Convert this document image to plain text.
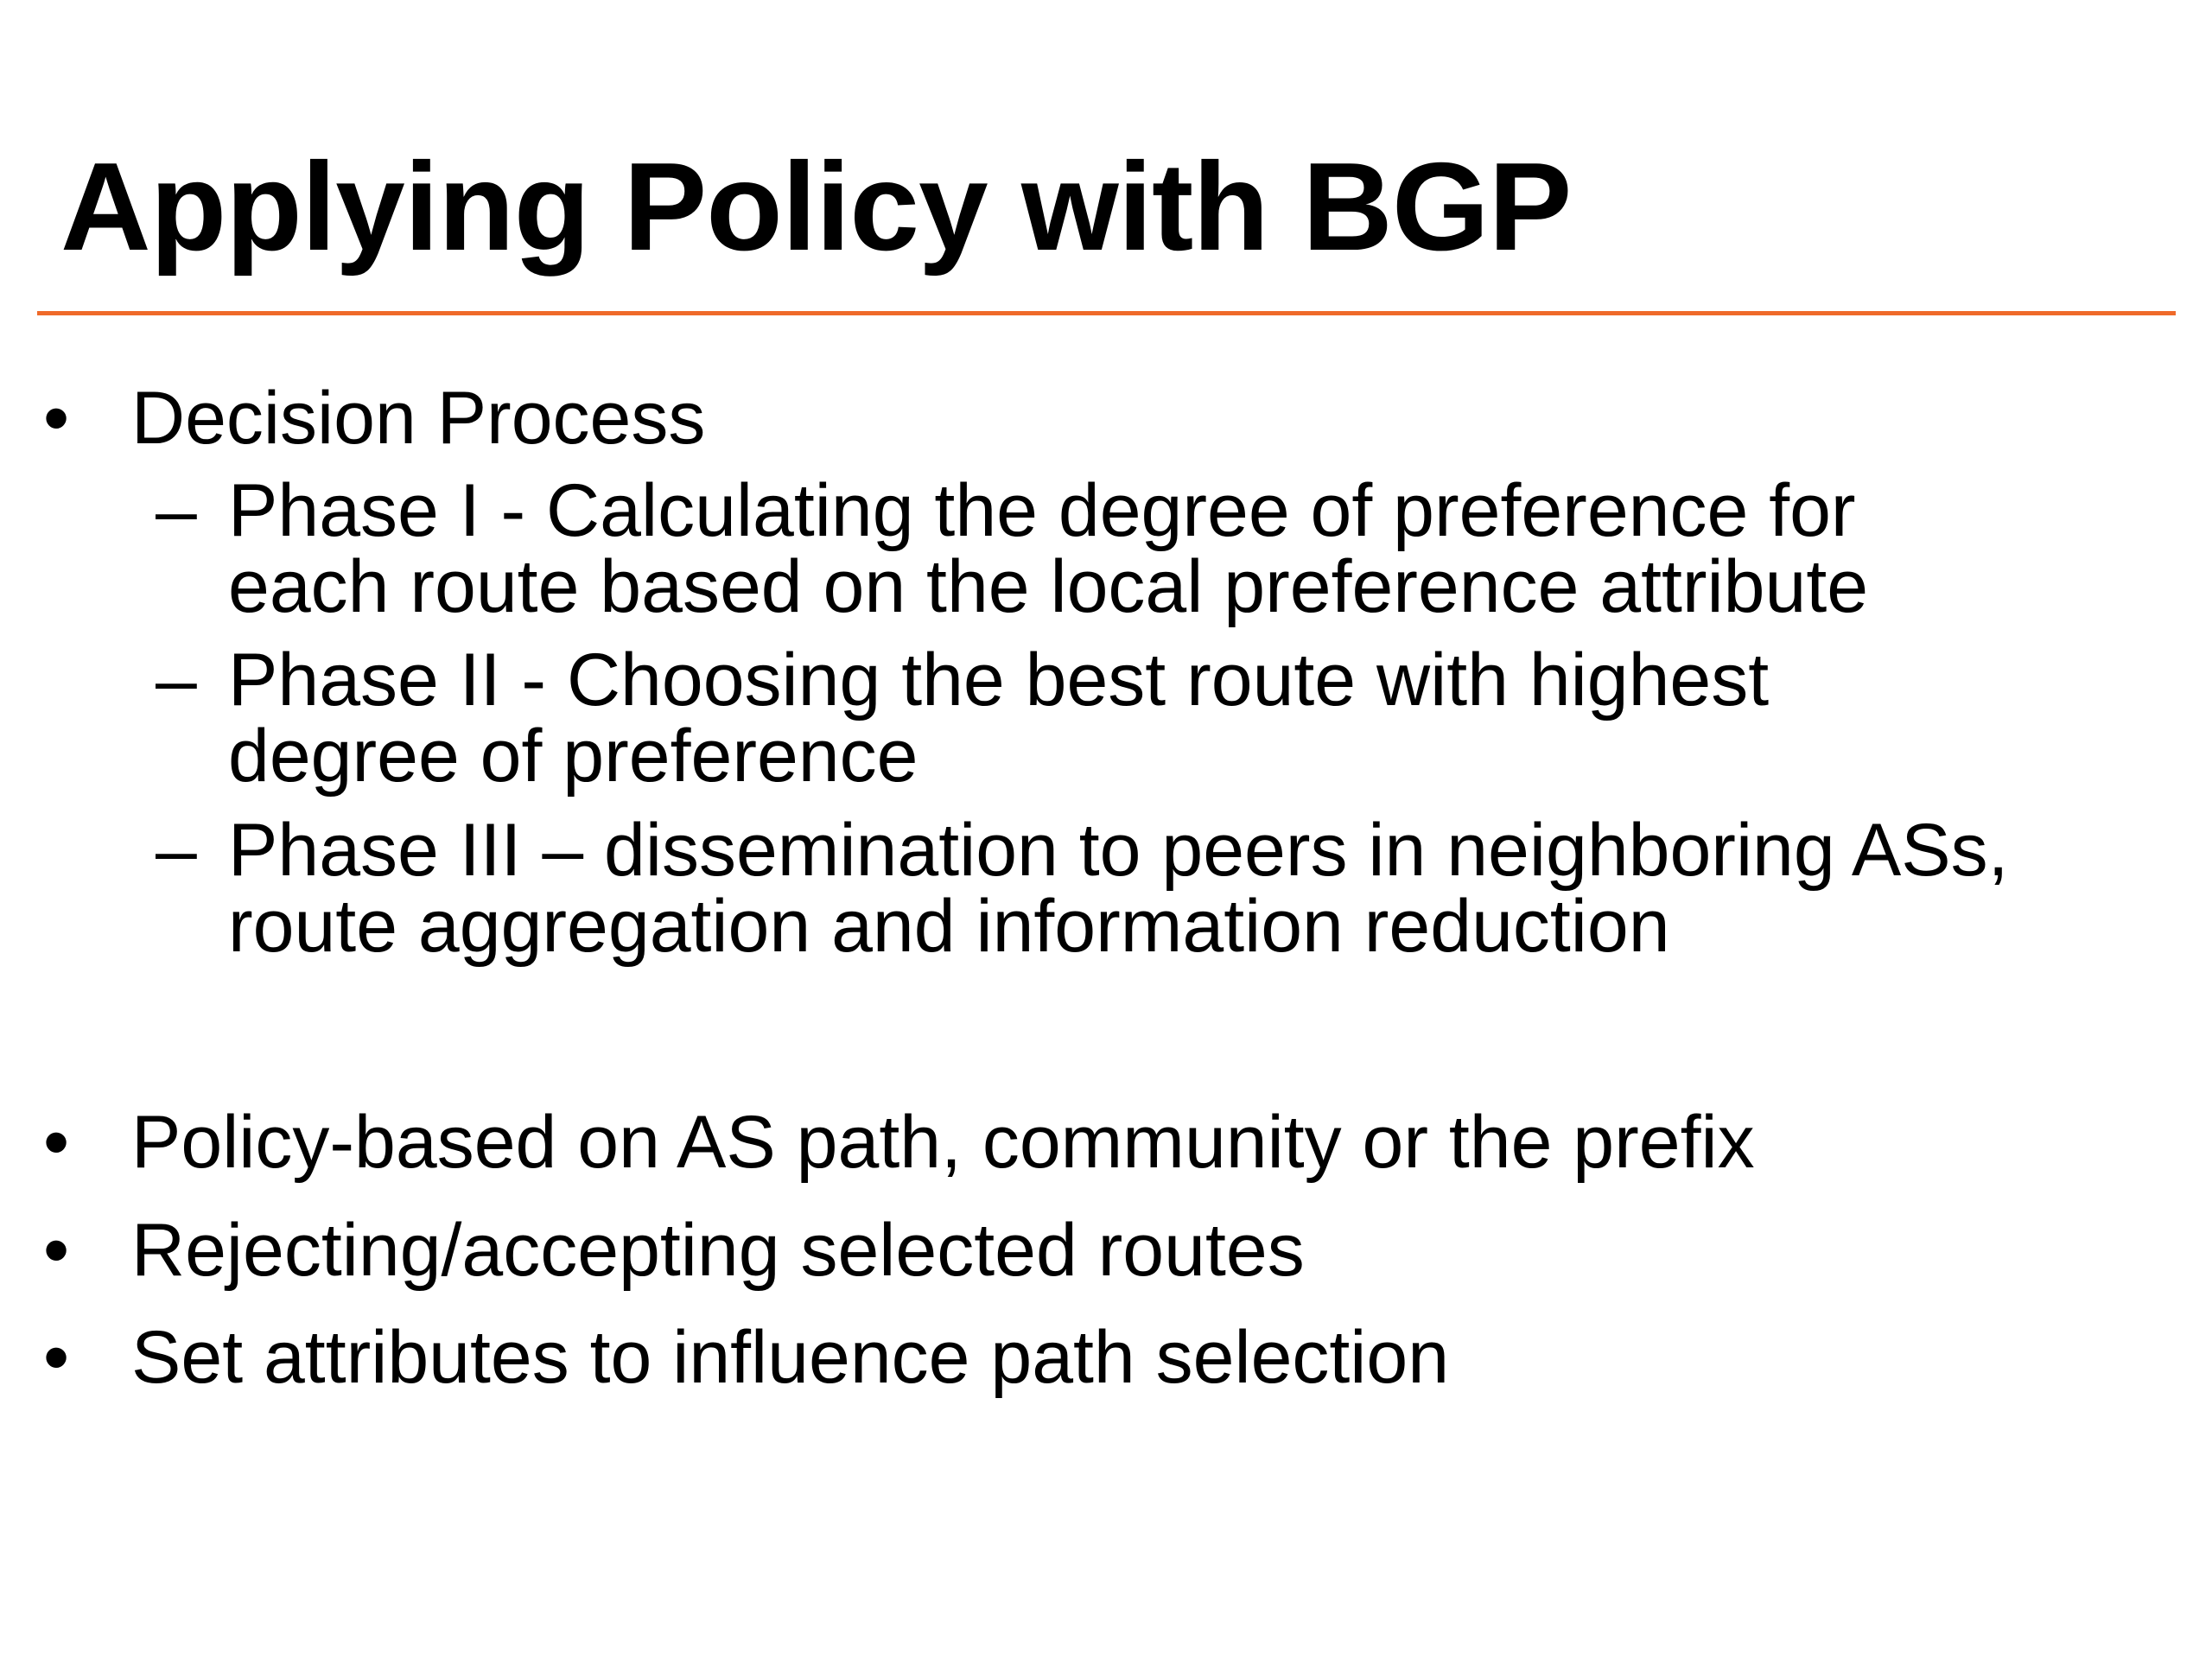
Applying Policy with BGP
• Decision Process
– Phase I - Calculating the degree of preference for
each route based on the local preference attribute
– Phase II - Choosing the best route with highest
degree of preference
– Phase III – dissemination to peers in neighboring ASs,
route aggregation and information reduction
• Policy-based on AS path, community or the prefix
• Rejecting/accepting selected routes
• Set attributes to influence path selection
